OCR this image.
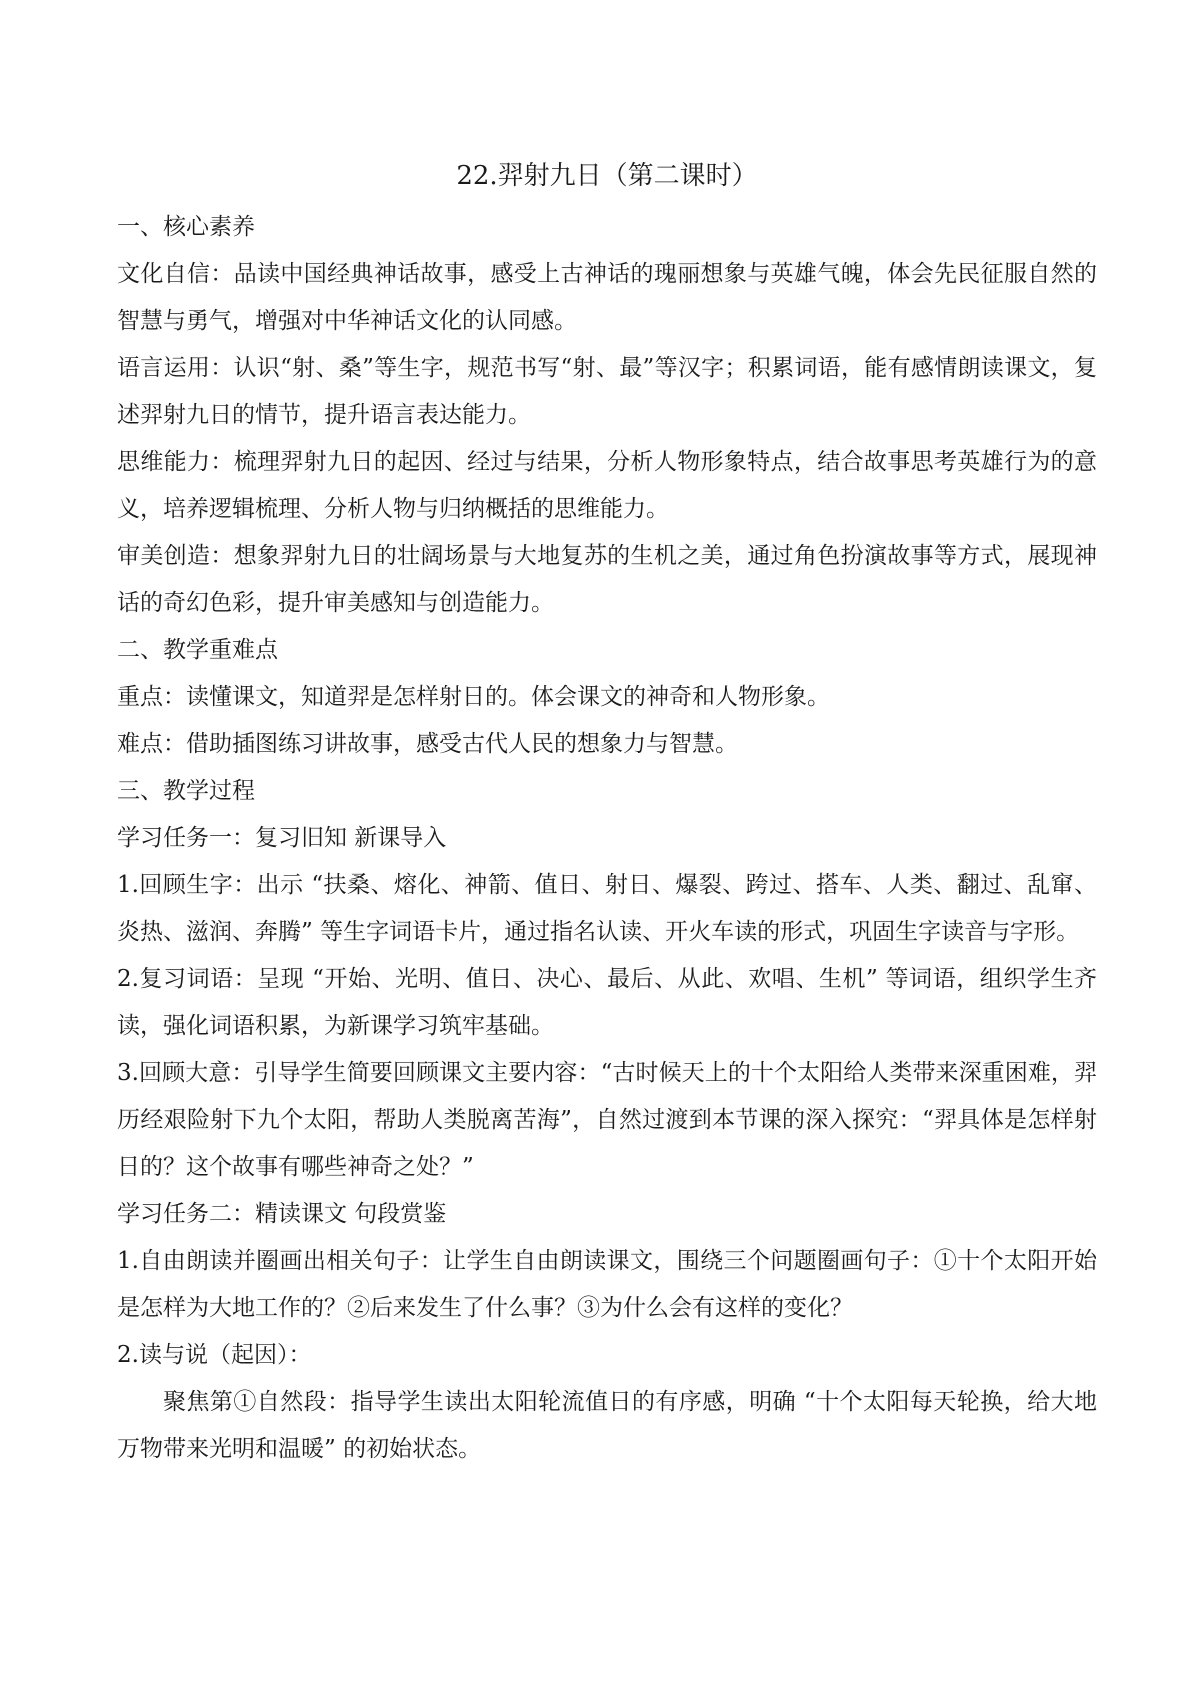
22.羿射九日（第二课时）

一、核心素养

文化自信：品读中国经典神话故事，感受上古神话的瑰丽想象与英雄气魄，体会先民征服自然的智慧与勇气，增强对中华神话文化的认同感。

语言运用：认识“射、桑”等生字，规范书写“射、最”等汉字；积累词语，能有感情朗读课文，复述羿射九日的情节，提升语言表达能力。

思维能力：梳理羿射九日的起因、经过与结果，分析人物形象特点，结合故事思考英雄行为的意义，培养逻辑梳理、分析人物与归纳概括的思维能力。

审美创造：想象羿射九日的壮阔场景与大地复苏的生机之美，通过角色扮演故事等方式，展现神话的奇幻色彩，提升审美感知与创造能力。

二、教学重难点

重点：读懂课文，知道羿是怎样射日的。体会课文的神奇和人物形象。

难点：借助插图练习讲故事，感受古代人民的想象力与智慧。

三、教学过程

学习任务一：复习旧知 新课导入

1.回顾生字：出示 “扶桑、熔化、神箭、值日、射日、爆裂、跨过、搭车、人类、翻过、乱窜、炎热、滋润、奔腾” 等生字词语卡片，通过指名认读、开火车读的形式，巩固生字读音与字形。

2.复习词语：呈现 “开始、光明、值日、决心、最后、从此、欢唱、生机” 等词语，组织学生齐读，强化词语积累，为新课学习筑牢基础。

3.回顾大意：引导学生简要回顾课文主要内容：“古时候天上的十个太阳给人类带来深重困难，羿历经艰险射下九个太阳，帮助人类脱离苦海”，自然过渡到本节课的深入探究：“羿具体是怎样射日的？这个故事有哪些神奇之处？”

学习任务二：精读课文 句段赏鉴

1.自由朗读并圈画出相关句子：让学生自由朗读课文，围绕三个问题圈画句子：①十个太阳开始是怎样为大地工作的？②后来发生了什么事？③为什么会有这样的变化？

2.读与说（起因）：

聚焦第①自然段：指导学生读出太阳轮流值日的有序感，明确 “十个太阳每天轮换，给大地万物带来光明和温暖” 的初始状态。
